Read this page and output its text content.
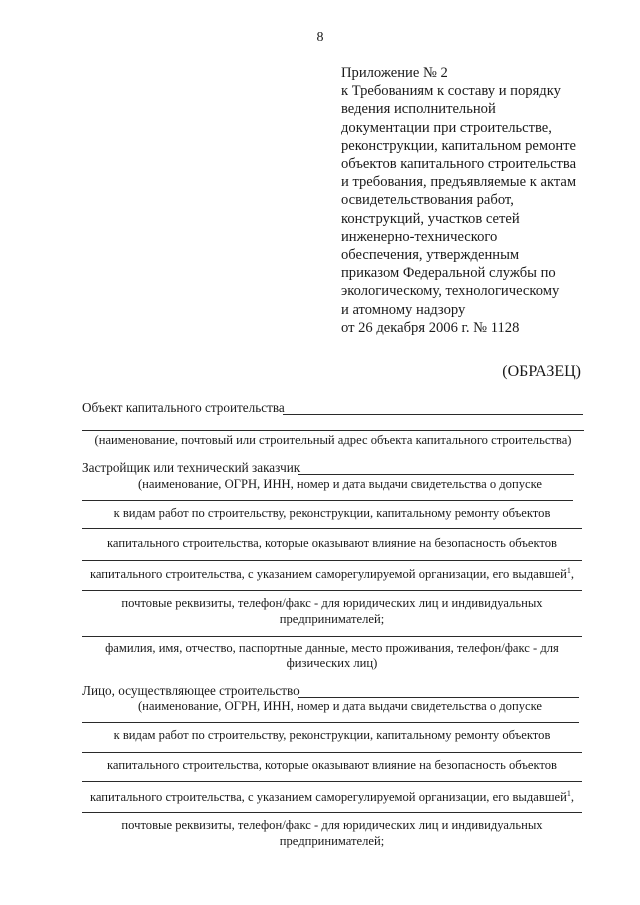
8
Приложение № 2
к Требованиям к составу и порядку
ведения исполнительной
документации при строительстве,
реконструкции, капитальном ремонте
объектов капитального строительства
и требования, предъявляемые к актам
освидетельствования работ,
конструкций, участков сетей
инженерно-технического
обеспечения, утвержденным
приказом Федеральной службы по
экологическому, технологическому
и атомному надзору
от 26 декабря 2006 г. № 1128
(ОБРАЗЕЦ)
Объект капитального строительства
(наименование, почтовый или строительный адрес объекта капитального строительства)
Застройщик или технический заказчик
(наименование, ОГРН, ИНН, номер и дата выдачи свидетельства о допуске
к видам работ по строительству, реконструкции, капитальному ремонту объектов
капитального строительства, которые оказывают влияние на безопасность объектов
капитального строительства, с указанием саморегулируемой организации, его выдавшей$^1$,
почтовые реквизиты, телефон/факс - для юридических лиц и индивидуальных
предпринимателей;
фамилия, имя, отчество, паспортные данные, место проживания, телефон/факс - для
физических лиц)
Лицо, осуществляющее строительство
(наименование, ОГРН, ИНН, номер и дата выдачи свидетельства о допуске
к видам работ по строительству, реконструкции, капитальному ремонту объектов
капитального строительства, которые оказывают влияние на безопасность объектов
капитального строительства, с указанием саморегулируемой организации, его выдавшей$^1$,
почтовые реквизиты, телефон/факс - для юридических лиц и индивидуальных
предпринимателей;
